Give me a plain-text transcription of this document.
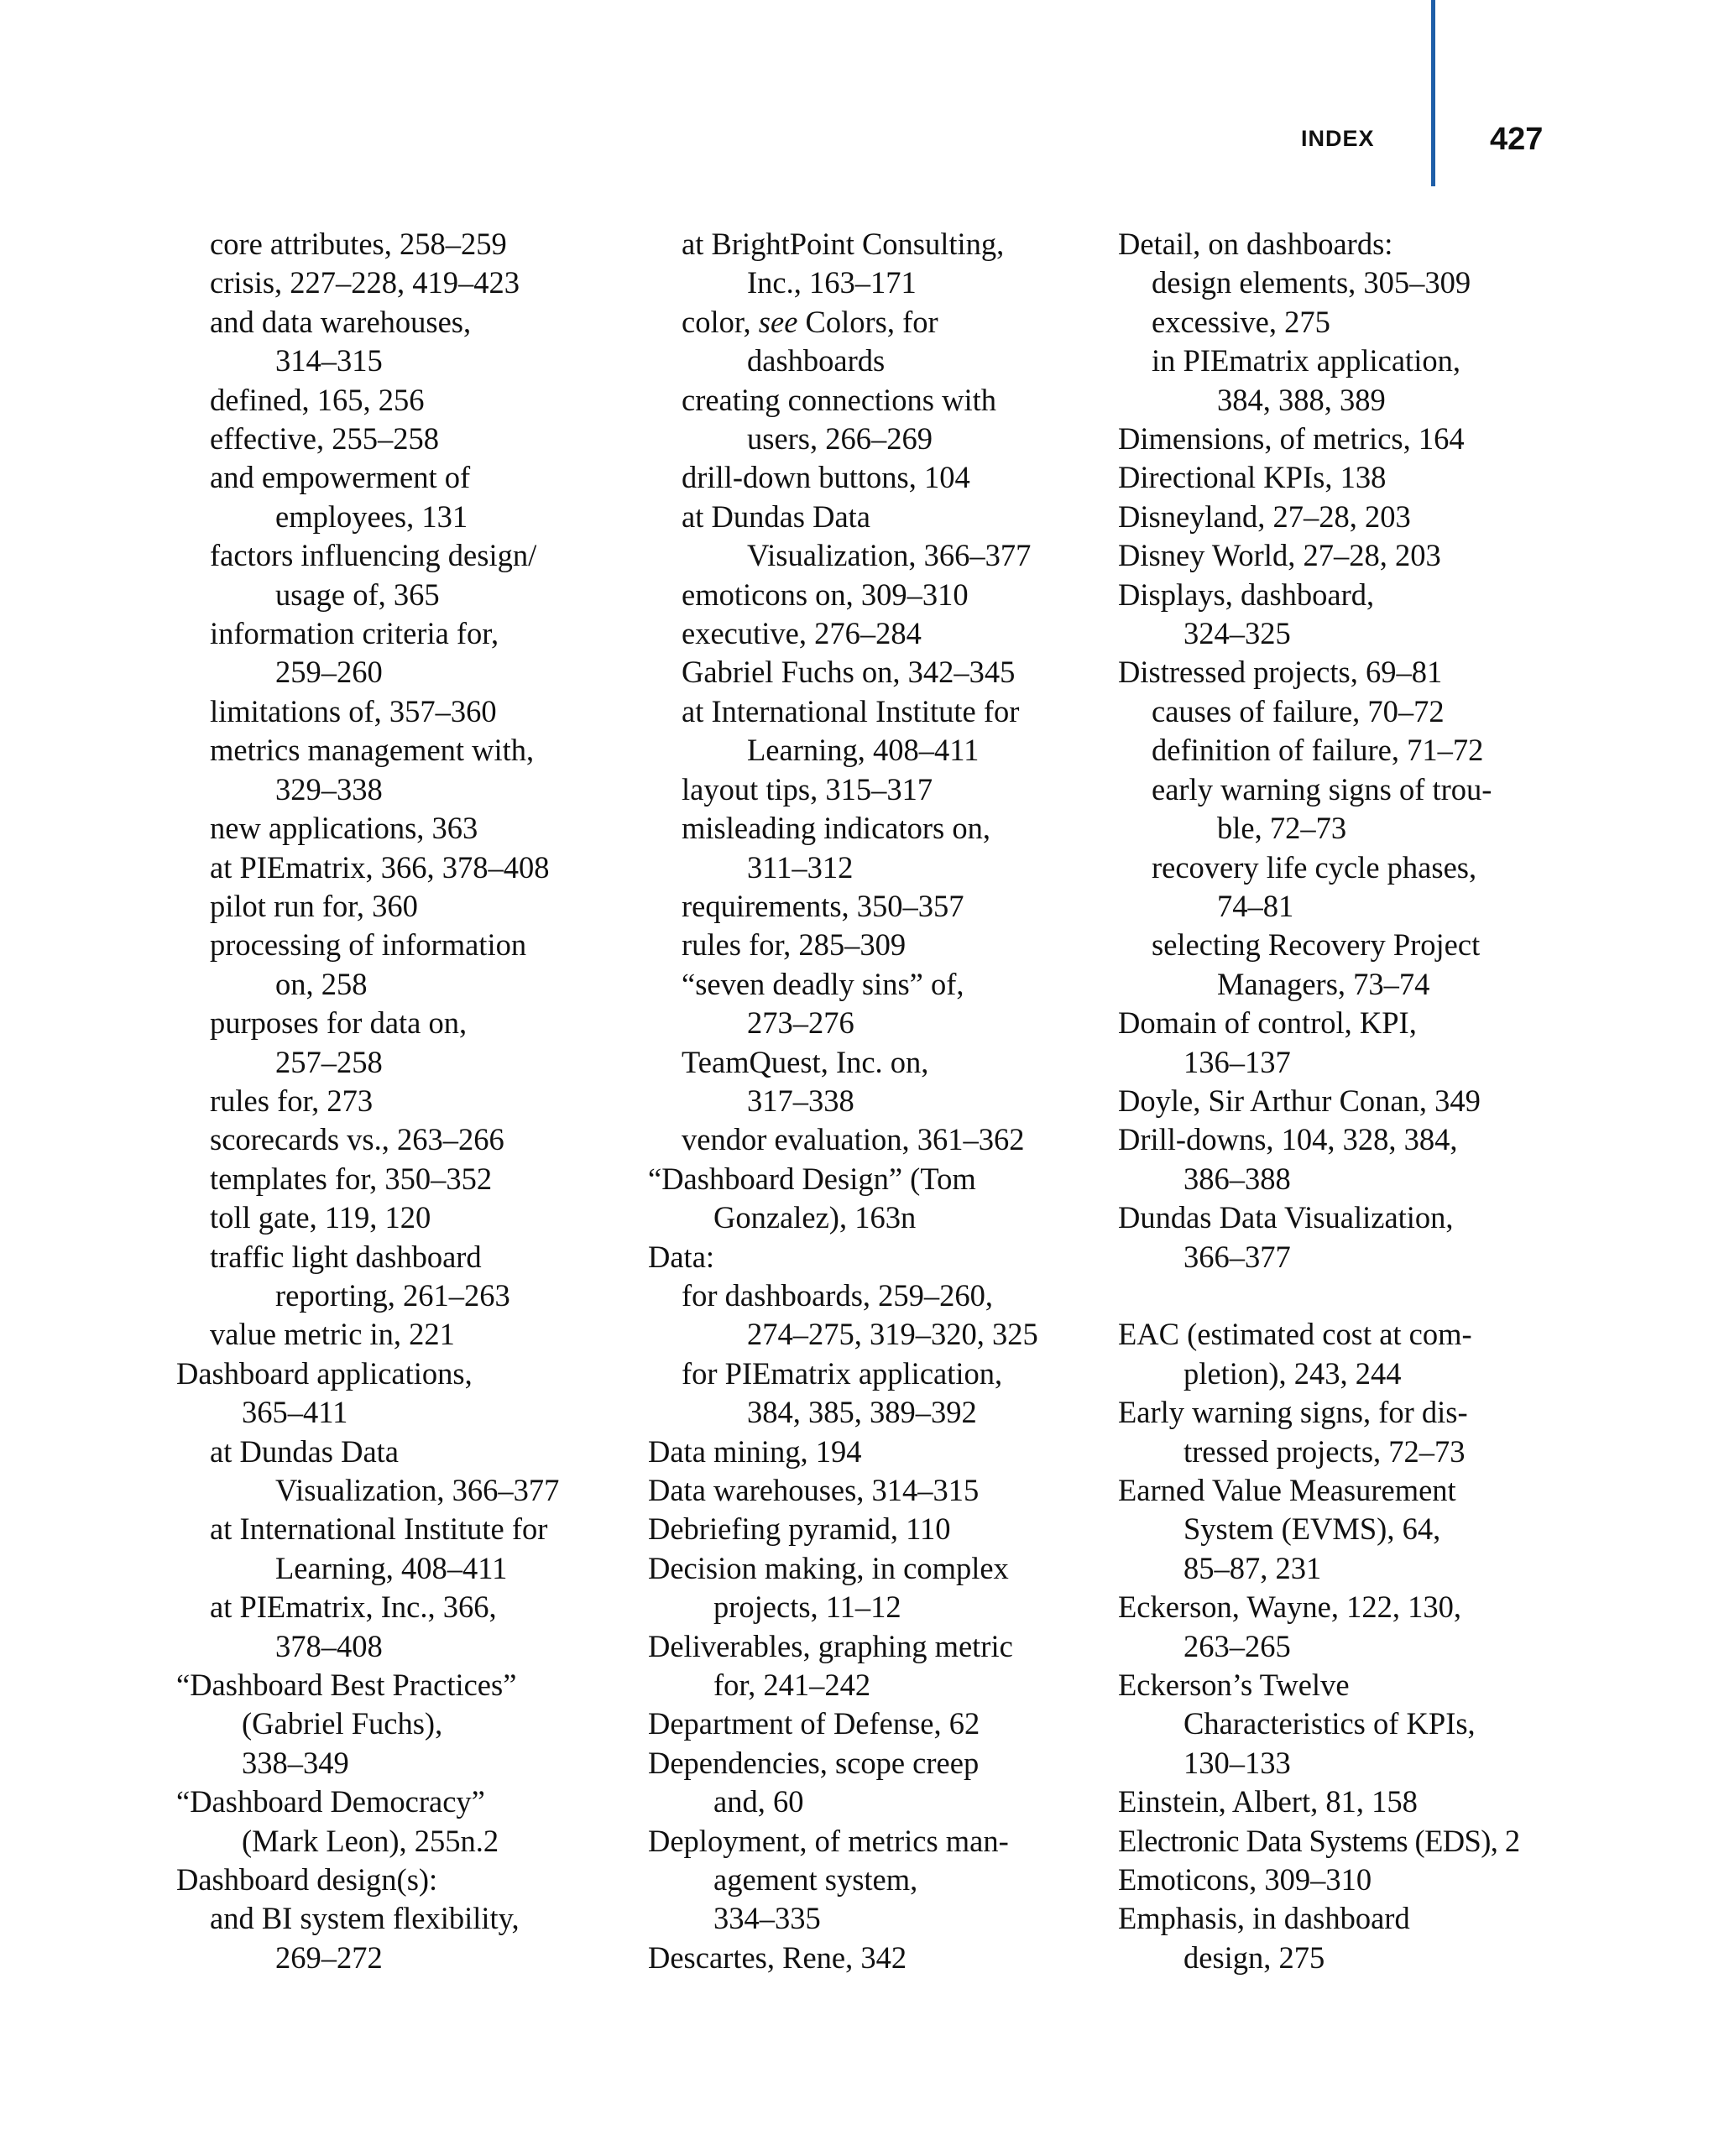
INDEX	427
core attributes, 258–259
crisis, 227–228, 419–423
and data warehouses,
314–315
defined, 165, 256
effective, 255–258
and empowerment of
employees, 131
factors influencing design/
usage of, 365
information criteria for,
259–260
limitations of, 357–360
metrics management with,
329–338
new applications, 363
at PIEmatrix, 366, 378–408
pilot run for, 360
processing of information
on, 258
purposes for data on,
257–258
rules for, 273
scorecards vs., 263–266
templates for, 350–352
toll gate, 119, 120
traffic light dashboard
reporting, 261–263
value metric in, 221
Dashboard applications,
365–411
at Dundas Data
Visualization, 366–377
at International Institute for
Learning, 408–411
at PIEmatrix, Inc., 366,
378–408
“Dashboard Best Practices”
(Gabriel Fuchs),
338–349
“Dashboard Democracy”
(Mark Leon), 255n.2
Dashboard design(s):
and BI system flexibility,
269–272
at BrightPoint Consulting,
Inc., 163–171
color, see Colors, for
dashboards
creating connections with
users, 266–269
drill-down buttons, 104
at Dundas Data
Visualization, 366–377
emoticons on, 309–310
executive, 276–284
Gabriel Fuchs on, 342–345
at International Institute for
Learning, 408–411
layout tips, 315–317
misleading indicators on,
311–312
requirements, 350–357
rules for, 285–309
“seven deadly sins” of,
273–276
TeamQuest, Inc. on,
317–338
vendor evaluation, 361–362
“Dashboard Design” (Tom
Gonzalez), 163n
Data:
for dashboards, 259–260,
274–275, 319–320, 325
for PIEmatrix application,
384, 385, 389–392
Data mining, 194
Data warehouses, 314–315
Debriefing pyramid, 110
Decision making, in complex
projects, 11–12
Deliverables, graphing metric
for, 241–242
Department of Defense, 62
Dependencies, scope creep
and, 60
Deployment, of metrics man-
agement system,
334–335
Descartes, Rene, 342
Detail, on dashboards:
design elements, 305–309
excessive, 275
in PIEmatrix application,
384, 388, 389
Dimensions, of metrics, 164
Directional KPIs, 138
Disneyland, 27–28, 203
Disney World, 27–28, 203
Displays, dashboard,
324–325
Distressed projects, 69–81
causes of failure, 70–72
definition of failure, 71–72
early warning signs of trou-
ble, 72–73
recovery life cycle phases,
74–81
selecting Recovery Project
Managers, 73–74
Domain of control, KPI,
136–137
Doyle, Sir Arthur Conan, 349
Drill-downs, 104, 328, 384,
386–388
Dundas Data Visualization,
366–377
EAC (estimated cost at com-
pletion), 243, 244
Early warning signs, for dis-
tressed projects, 72–73
Earned Value Measurement
System (EVMS), 64,
85–87, 231
Eckerson, Wayne, 122, 130,
263–265
Eckerson’s Twelve
Characteristics of KPIs,
130–133
Einstein, Albert, 81, 158
Electronic Data Systems (EDS), 2
Emoticons, 309–310
Emphasis, in dashboard
design, 275
